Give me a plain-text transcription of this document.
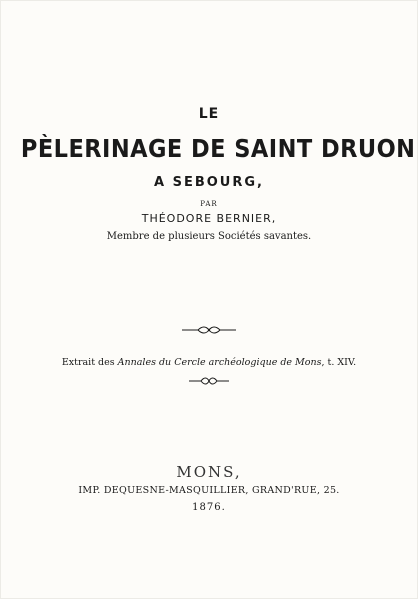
LE
PÈLERINAGE DE SAINT DRUON
A SEBOURG,
PAR
THÉODORE BERNIER,
Membre de plusieurs Sociétés savantes.
Extrait des Annales du Cercle archéologique de Mons, t. XIV.
MONS,
IMP. DEQUESNE-MASQUILLIER, GRAND'RUE, 25.
1876.
